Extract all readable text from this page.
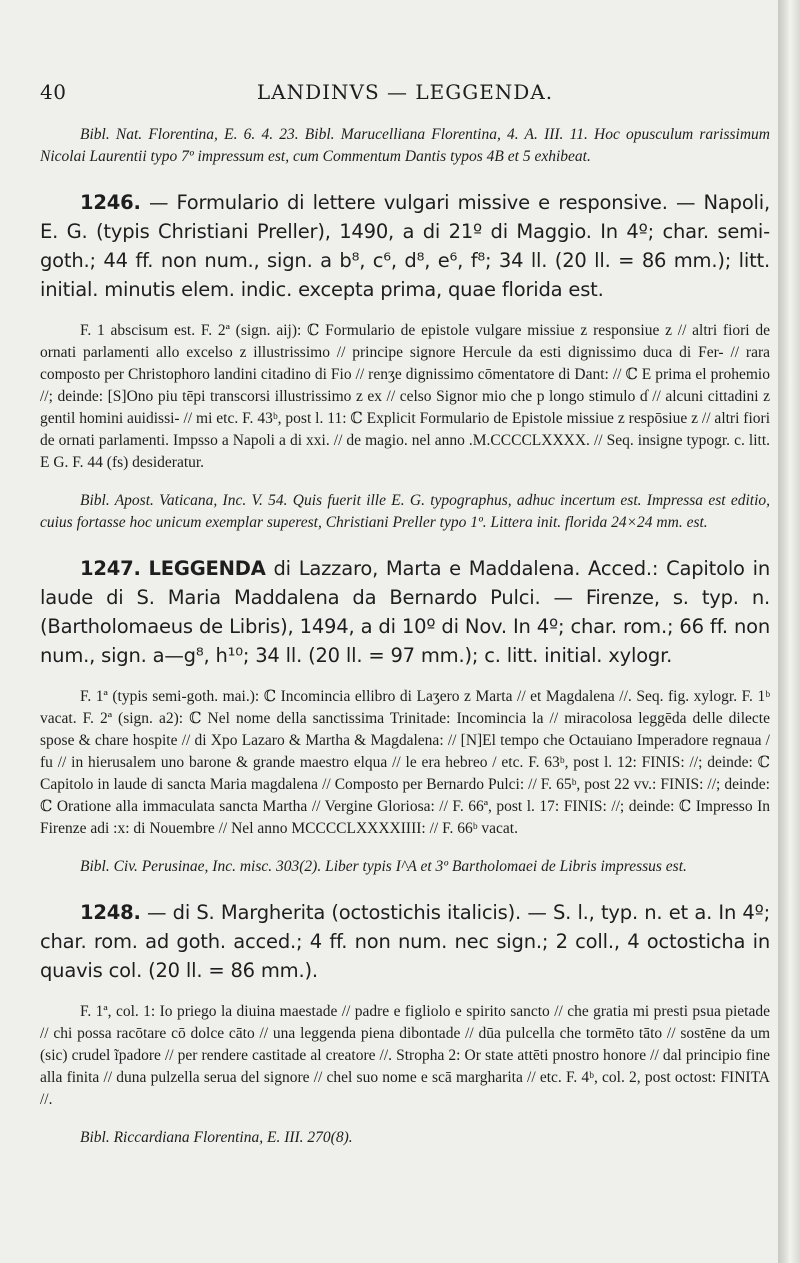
40	LANDINVS — LEGGENDA.

Bibl. Nat. Florentina, E. 6. 4. 23. Bibl. Marucelliana Florentina, 4. A. III. 11. Hoc opusculum rarissimum Nicolai Laurentii typo 7º impressum est, cum Commentum Dantis typos 4B et 5 exhibeat.

1246. — Formulario di lettere vulgari missive e responsive. — Napoli, E. G. (typis Christiani Preller), 1490, a di 21º di Maggio. In 4º; char. semi-goth.; 44 ff. non num., sign. a b⁸, c⁶, d⁸, e⁶, f⁸; 34 ll. (20 ll. = 86 mm.); litt. initial. minutis elem. indic. excepta prima, quae florida est.

F. 1 abscisum est. F. 2ª (sign. aij): ℂ Formulario de epistole vulgare missiue z responsiue z // altri fiori de ornati parlamenti allo excelso z illustrissimo // principe signore Hercule da esti dignissimo duca di Fer- // rara composto per Christophoro landini citadino di Fio // renʒe dignissimo cōmentatore di Dant: // ℂ E prima el prohemio //; deinde: [S]Ono piu tēpi transcorsi illustrissimo z ex // celso Signor mio che p longo stimulo ɗ // alcuni cittadini z gentil homini auidissi- // mi etc. F. 43ᵇ, post l. 11: ℂ Explicit Formulario de Epistole missiue z respōsiue z // altri fiori de ornati parlamenti. Impsso a Napoli a di xxi. // de magio. nel anno .M.CCCCLXXXX. // Seq. insigne typogr. c. litt. E G. F. 44 (fs) desideratur.

Bibl. Apost. Vaticana, Inc. V. 54. Quis fuerit ille E. G. typographus, adhuc incertum est. Impressa est editio, cuius fortasse hoc unicum exemplar superest, Christiani Preller typo 1º. Littera init. florida 24×24 mm. est.

1247. LEGGENDA di Lazzaro, Marta e Maddalena. Acced.: Capitolo in laude di S. Maria Maddalena da Bernardo Pulci. — Firenze, s. typ. n. (Bartholomaeus de Libris), 1494, a di 10º di Nov. In 4º; char. rom.; 66 ff. non num., sign. a—g⁸, h¹⁰; 34 ll. (20 ll. = 97 mm.); c. litt. initial. xylogr.

F. 1ª (typis semi-goth. mai.): ℂ Incomincia ellibro di Laʒero z Marta // et Magdalena //. Seq. fig. xylogr. F. 1ᵇ vacat. F. 2ª (sign. a2): ℂ Nel nome della sanctissima Trinitade: Incomincia la // miracolosa leggēda delle dilecte spose & chare hospite // di Xpo Lazaro & Martha & Magdalena: // [N]El tempo che Octauiano Imperadore regnaua / fu // in hierusalem uno barone & grande maestro elqua // le era hebreo / etc. F. 63ᵇ, post l. 12: FINIS: //; deinde: ℂ Capitolo in laude di sancta Maria magdalena // Composto per Bernardo Pulci: // F. 65ᵇ, post 22 vv.: FINIS: //; deinde: ℂ Oratione alla immaculata sancta Martha // Vergine Gloriosa: // F. 66ª, post l. 17: FINIS: //; deinde: ℂ Impresso In Firenze adi :x: di Nouembre // Nel anno MCCCCLXXXXIIII: // F. 66ᵇ vacat.

Bibl. Civ. Perusinae, Inc. misc. 303(2). Liber typis I^A et 3º Bartholomaei de Libris impressus est.

1248. — di S. Margherita (octostichis italicis). — S. l., typ. n. et a. In 4º; char. rom. ad goth. acced.; 4 ff. non num. nec sign.; 2 coll., 4 octosticha in quavis col. (20 ll. = 86 mm.).

F. 1ª, col. 1: Io priego la diuina maestade // padre e figliolo e spirito sancto // che gratia mi presti psua pietade // chi possa racōtare cō dolce cāto // una leggenda piena dibontade // dūa pulcella che tormēto tāto // sostēne da um (sic) crudel ĩpadore // per rendere castitade al creatore //. Stropha 2: Or state attēti pnostro honore // dal principio fine alla finita // duna pulzella serua del signore // chel suo nome e scā margharita // etc. F. 4ᵇ, col. 2, post octost: FINITA //.

Bibl. Riccardiana Florentina, E. III. 270(8).
